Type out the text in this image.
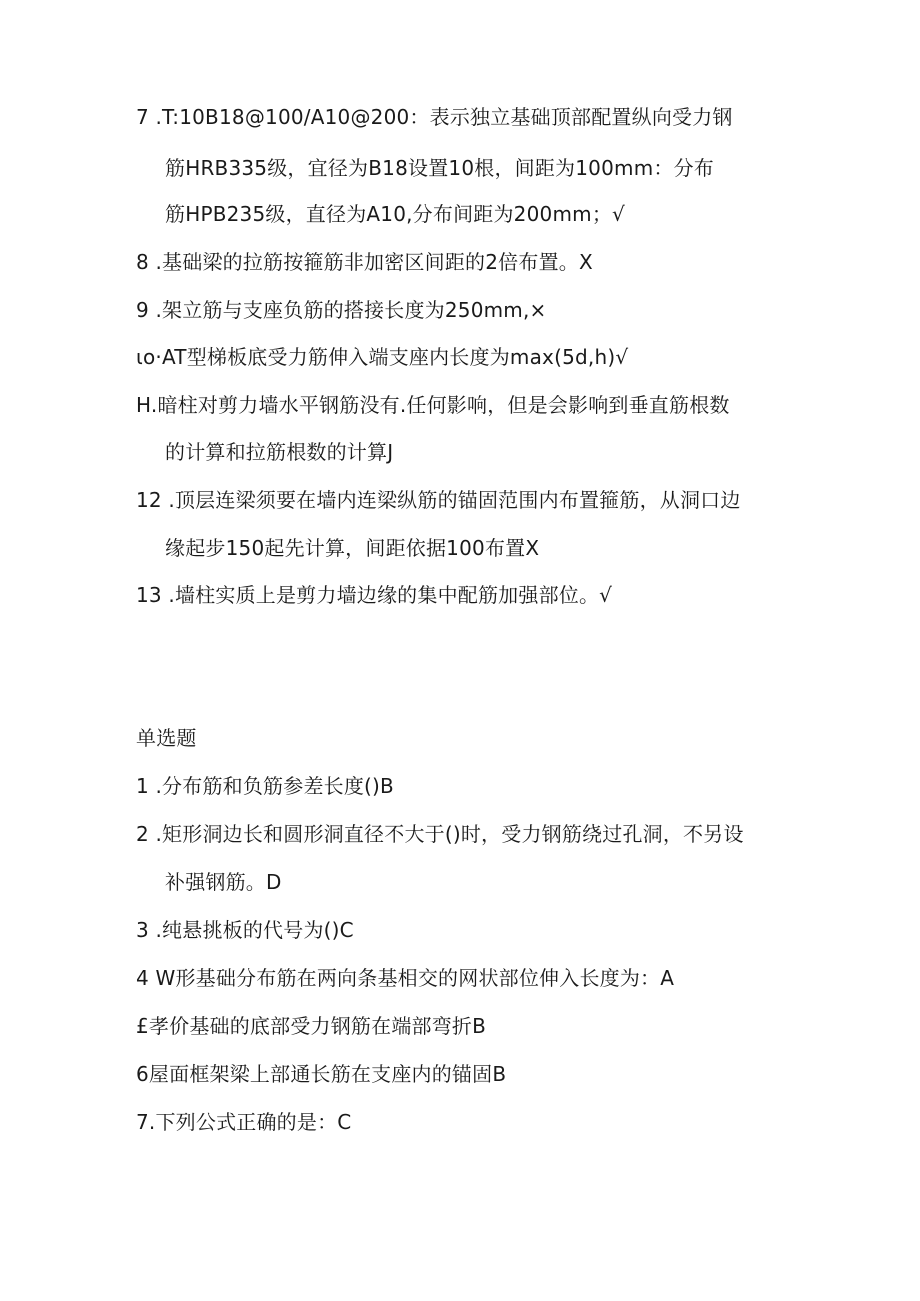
7 .T:10B18@100/A10@200：表示独立基础顶部配置纵向受力钢
筋HRB335级，宜径为B18设置10根，间距为100mm：分布
筋HPB235级，直径为A10,分布间距为200mm；√
8 .基础梁的拉筋按箍筋非加密区间距的2倍布置。X
9 .架立筋与支座负筋的搭接长度为250mm,×
ιo·AT型梯板底受力筋伸入端支座内长度为max(5d,h)√
H.暗柱对剪力墙水平钢筋没有.任何影响，但是会影响到垂直筋根数
的计算和拉筋根数的计算J
12 .顶层连梁须要在墙内连梁纵筋的锚固范围内布置箍筋，从洞口边
缘起步150起先计算，间距依据100布置X
13 .墙柱实质上是剪力墙边缘的集中配筋加强部位。√
单选题
1 .分布筋和负筋参差长度()B
2 .矩形洞边长和圆形洞直径不大于()时，受力钢筋绕过孔洞，不另设
补强钢筋。D
3 .纯悬挑板的代号为()C
4 W形基础分布筋在两向条基相交的网状部位伸入长度为：A
£孝价基础的底部受力钢筋在端部弯折B
6屋面框架梁上部通长筋在支座内的锚固B
7.下列公式正确的是：C
